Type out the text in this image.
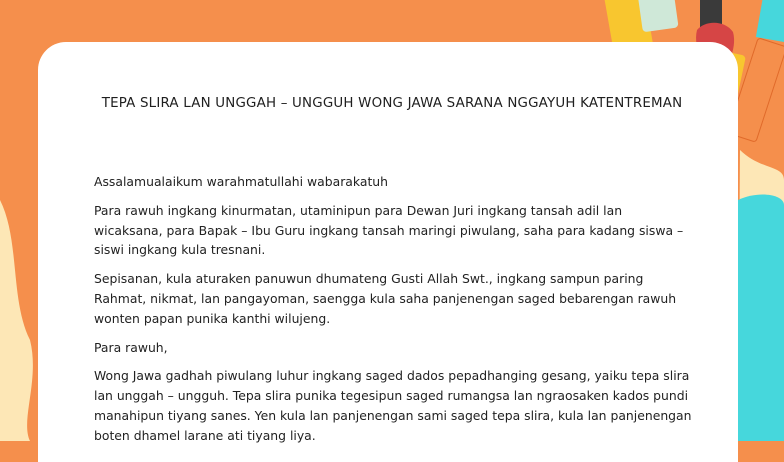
TEPA SLIRA LAN UNGGAH – UNGGUH WONG JAWA SARANA NGGAYUH KATENTREMAN

Assalamualaikum warahmatullahi wabarakatuh

Para rawuh ingkang kinurmatan, utaminipun para Dewan Juri ingkang tansah adil lan wicaksana, para Bapak – Ibu Guru ingkang tansah maringi piwulang, saha para kadang siswa – siswi ingkang kula tresnani.

Sepisanan, kula aturaken panuwun dhumateng Gusti Allah Swt., ingkang sampun paring Rahmat, nikmat, lan pangayoman, saengga kula saha panjenengan saged bebarengan rawuh wonten papan punika kanthi wilujeng.

Para rawuh,

Wong Jawa gadhah piwulang luhur ingkang saged dados pepadhanging gesang, yaiku tepa slira lan unggah – ungguh. Tepa slira punika tegesipun saged rumangsa lan ngraosaken kados pundi manahipun tiyang sanes. Yen kula lan panjenengan sami saged tepa slira, kula lan panjenengan boten dhamel larane ati tiyang liya.
